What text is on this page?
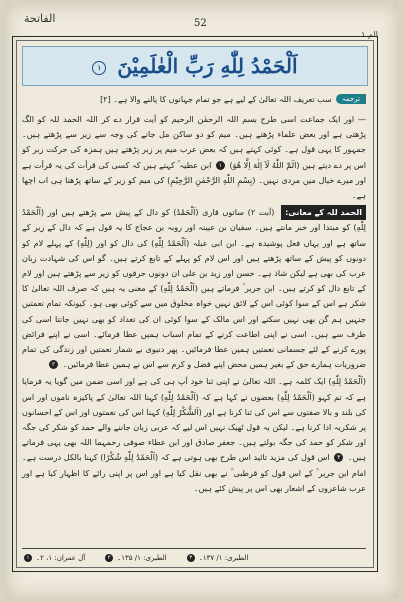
الفاتحة	52
الم ۱
اَلْحَمْدُ لِلّٰهِ رَبِّ الْعٰلَمِيْنَ ۱
ترجمہ
سب تعریف اللہ تعالیٰ کے لیے ہے جو تمام جہانوں کا پالنے والا ہے۔ [۲]

— اور ایک جماعت اسی طرح بسم اللہ الرحمٰن الرحیم کو آیت قرار دے کر اللہ الحمد للہ کو الگ پڑھتی ہے اور بعض علماء پڑھتے ہیں۔ میم کو دو ساکن مل جانے کی وجہ سے زیر سے پڑھتے ہیں۔ جمہور کا یہی قول ہے۔ کوئی کہتے ہیں کہ بعض عرب میم پر زبر پڑھتے ہیں ہمزہ کی حرکت زبر کو اس پر دے دیتے ہیں (الٓمّٓ اللّٰهُ لَآ اِلٰهَ اِلَّا هُوَ) ۱ ابن عطیہ ؒ کہتے ہیں کہ کسی کی قرأت کی یہ قرأت ہے اور میرے خیال میں مردی نہیں۔ (بِسْمِ اللّٰهِ الرَّحْمٰنِ الرَّحِيْمِ) کی میم کو زیر کے ساتھ پڑھنا ہی اب اچھا ہے۔

الحمد للہ کے معانی: (آیت ۲) ساتوں قاری (اَلْحَمْدُ) کو دال کے پیش سے پڑھتے ہیں اور (اَلْحَمْدُ لِلّٰهِ) کو مبتدا اور خبر مانتے ہیں۔ سفیان بن عیینہ اور روبہ بن عجاج کا یہ قول ہے کہ دال کے زبر کے ساتھ ہے اور یہاں فعل پوشیدہ ہے۔ ابن ابی عبلہ (اَلْحَمْدُ لِلّٰهِ) کی دال کو اور (لِلّٰهِ) کے پہلے لام کو دونوں کو پیش کے ساتھ پڑھتے ہیں اور اس لام کو پہلے کے تابع کرتے ہیں۔ گو اس کی شہادت زبان عرب کی بھی ہے لیکن شاذ ہے۔ حسن اور زید بن علی ان دونوں حرفوں کو زیر سے پڑھتے ہیں اور لام کے تابع دال کو کرتے ہیں۔ ابن جریر ؒ فرماتے ہیں (اَلْحَمْدُ لِلّٰهِ) کے معنی یہ ہیں کہ صرف اللہ تعالیٰ کا شکر ہے اس کے سوا کوئی اس کے لائق نہیں خواہ مخلوق میں سے کوئی بھی ہو۔ کیونکہ تمام نعمتیں جنہیں ہم گن بھی نہیں سکتے اور اس مالک کے سوا کوئی ان کی تعداد کو بھی نہیں جانتا اسی کی طرف سے ہیں۔ اسی نے اپنی اطاعت کرنے کے تمام اسباب ہمیں عطا فرمائے۔ اسی نے اپنے فرائض پورے کرنے کے لئے جسمانی نعمتیں ہمیں عطا فرمائیں۔ پھر دنیوی بے شمار نعمتیں اور زندگی کی تمام ضروریات ہمارے حق کے بغیر ہمیں محض اپنے فضل و کرم سے اس نے ہمیں عطا فرمائیں۔ ۲

(اَلْحَمْدُ لِلّٰهِ) ایک کلمہ ہے۔ اللہ تعالیٰ نے اپنی ثنا خود آپ ہی کی ہے اور اسی ضمن میں گویا یہ فرمایا ہے کہ تم کہو (اَلْحَمْدُ لِلّٰهِ) بعضوں نے کہا ہے کہ (اَلْحَمْدُ لِلّٰهِ) کہنا اللہ تعالیٰ کے پاکیزہ ناموں اور اس کی بلند و بالا صفتوں سے اس کی ثنا کرنا ہے اور (اَلشُّكْرُ لِلّٰهِ) کہنا اس کی نعمتوں اور اس کے احسانوں پر شکریہ ادا کرنا ہے۔ لیکن یہ قول ٹھیک نہیں اس لیے کہ عربی زبان جاننے والے حمد کو شکر کی جگہ اور شکر کو حمد کی جگہ بولتے ہیں۔ جعفر صادق اور ابن عطاء صوفی رحمہما اللہ بھی یہی فرماتے ہیں۔ ۳ اس قول کی مزید تائید اس طرح بھی ہوتی ہے کہ (اَلْحَمْدُ لِلّٰهِ شُكْرًا) کہنا بالکل درست ہے۔ امام ابن جریر ؒ کے اس قول کو قرطبی ؒ نے بھی نقل کیا ہے اور اس پر اپنی رائے کا اظہار کیا ہے اور عرب شاعروں کے اشعار بھی اس پر پیش کئے ہیں۔

۱ آل عمران: ۱، ۲۔	۲ الطبری: ۱/ ۱۳۵۔	۳ الطبری: ۱/ ۱۳۷۔
